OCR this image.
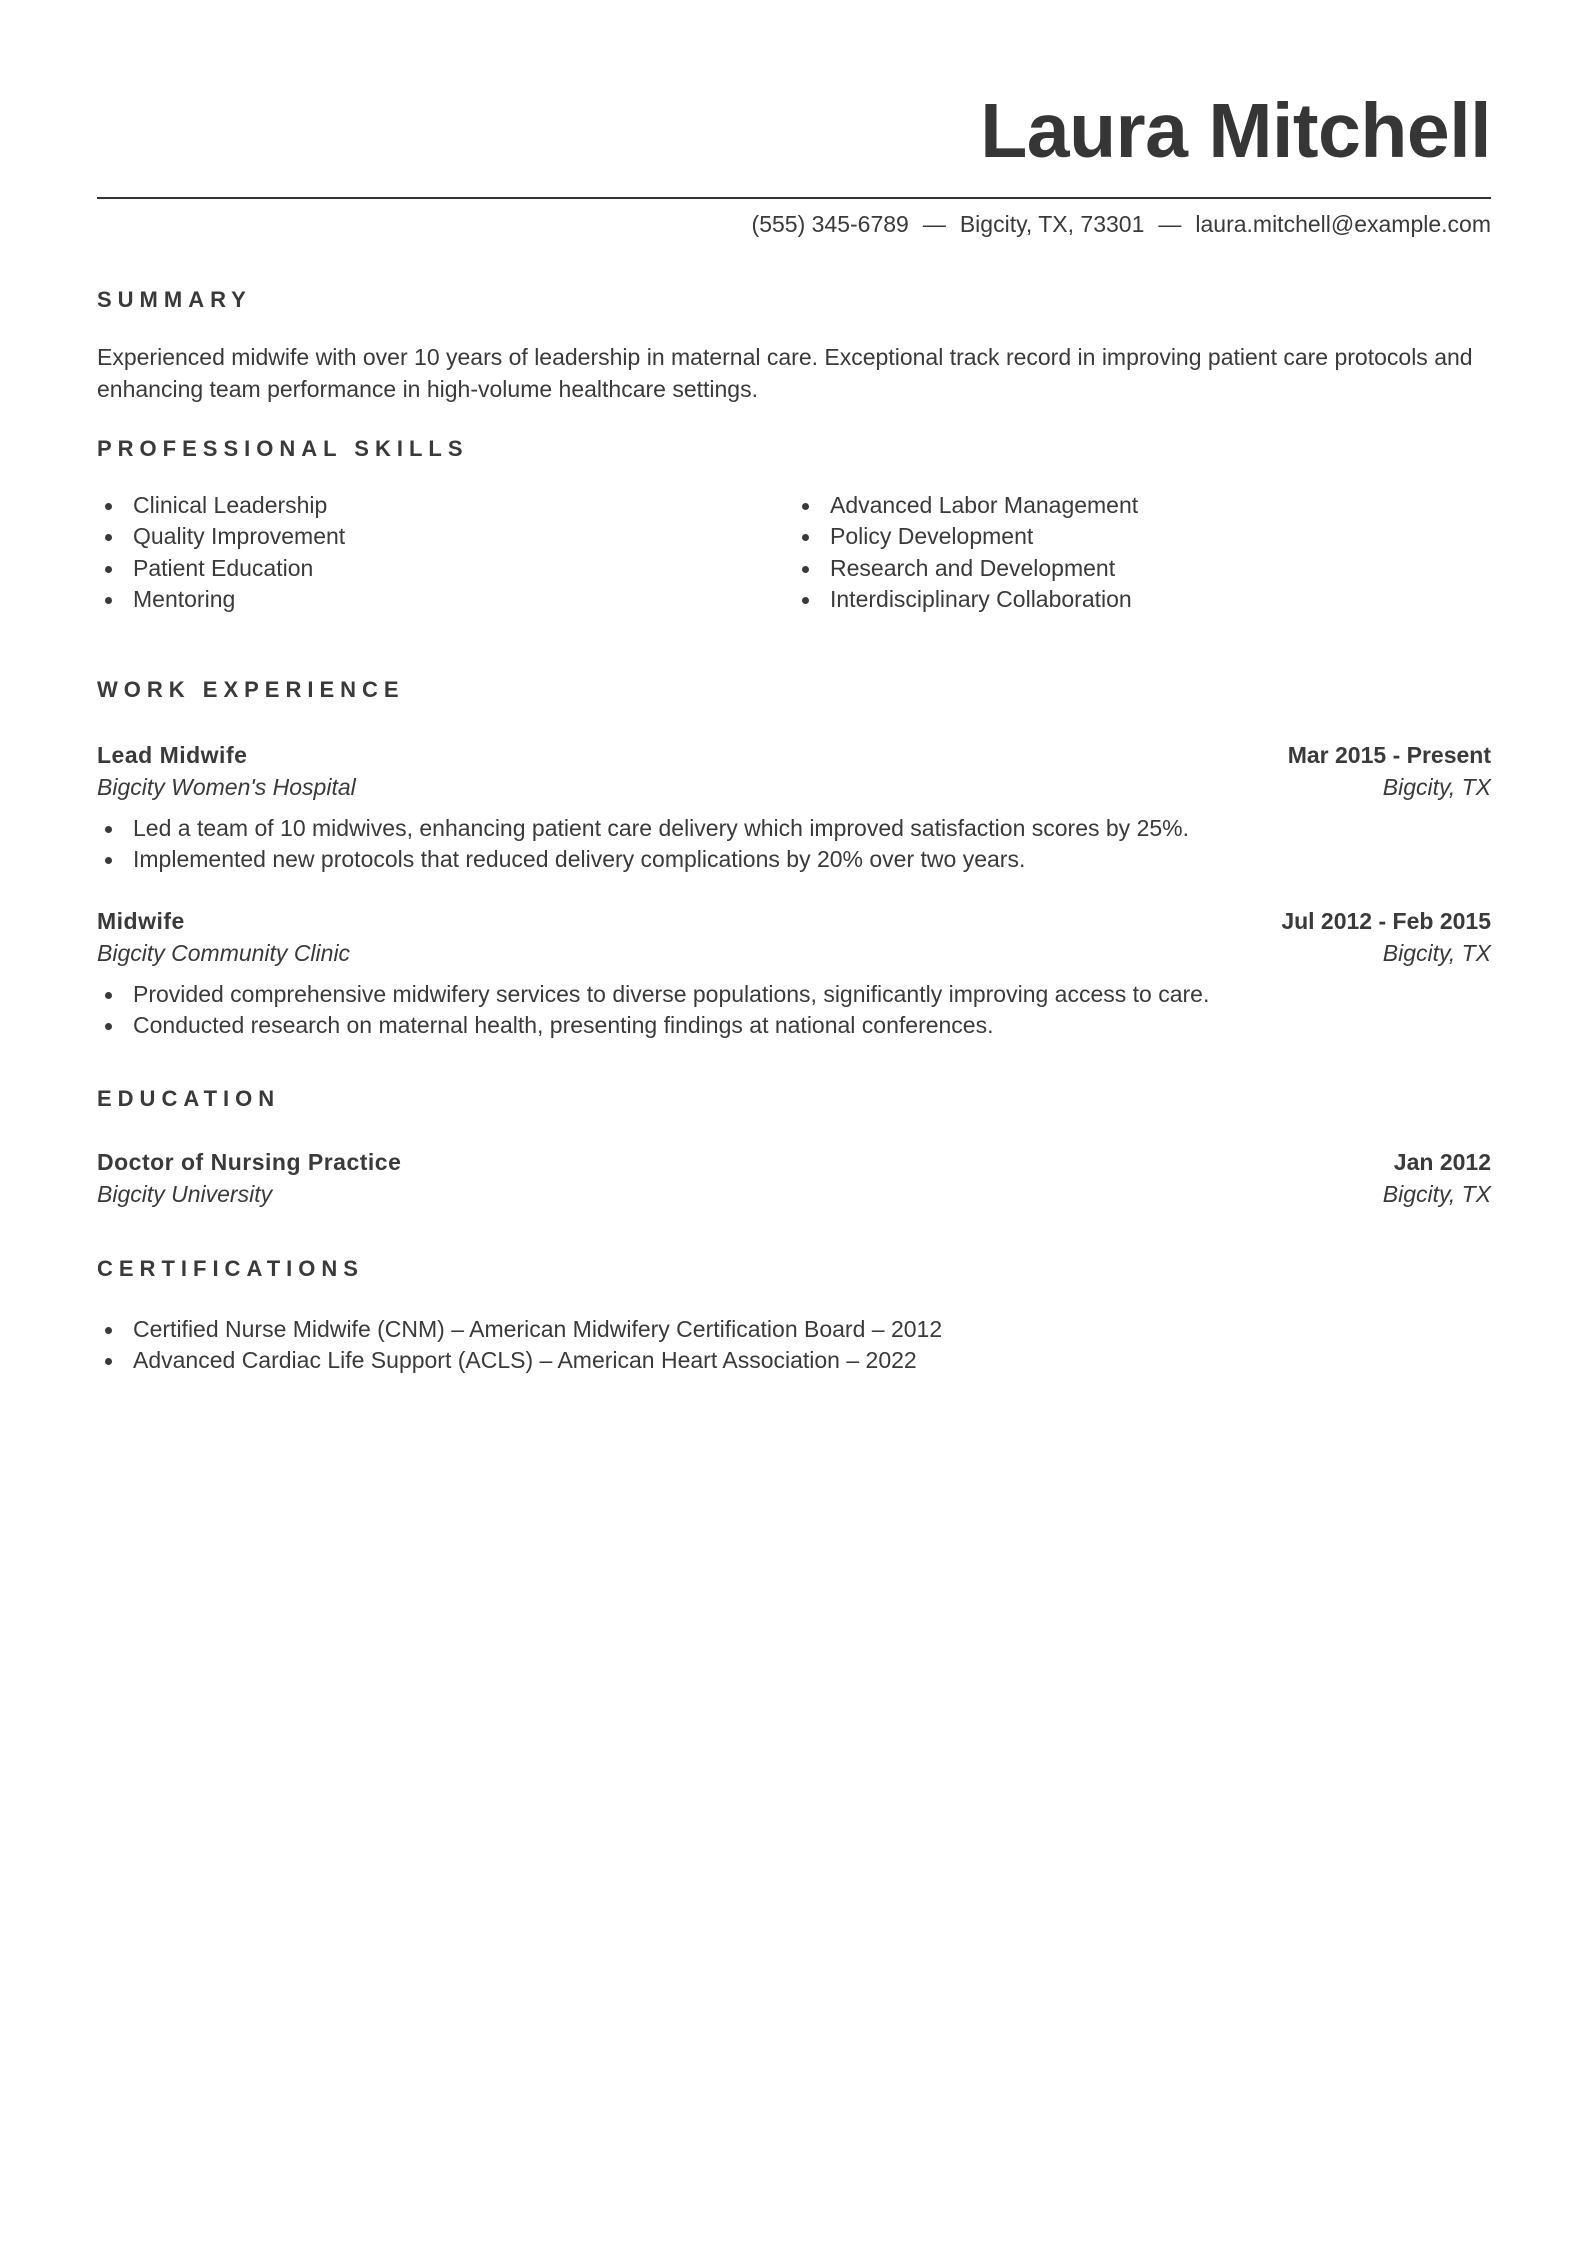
Laura Mitchell
(555) 345-6789 — Bigcity, TX, 73301 — laura.mitchell@example.com
SUMMARY

Experienced midwife with over 10 years of leadership in maternal care. Exceptional track record in improving patient care protocols and enhancing team performance in high-volume healthcare settings.

PROFESSIONAL SKILLS
Clinical Leadership
Quality Improvement
Patient Education
Mentoring
Advanced Labor Management
Policy Development
Research and Development
Interdisciplinary Collaboration
WORK EXPERIENCE
Lead Midwife	Mar 2015 - Present
Bigcity Women's Hospital	Bigcity, TX
Led a team of 10 midwives, enhancing patient care delivery which improved satisfaction scores by 25%.
Implemented new protocols that reduced delivery complications by 20% over two years.
Midwife	Jul 2012 - Feb 2015
Bigcity Community Clinic	Bigcity, TX
Provided comprehensive midwifery services to diverse populations, significantly improving access to care.
Conducted research on maternal health, presenting findings at national conferences.
EDUCATION
Doctor of Nursing Practice	Jan 2012
Bigcity University	Bigcity, TX
CERTIFICATIONS
Certified Nurse Midwife (CNM) – American Midwifery Certification Board – 2012
Advanced Cardiac Life Support (ACLS) – American Heart Association – 2022
